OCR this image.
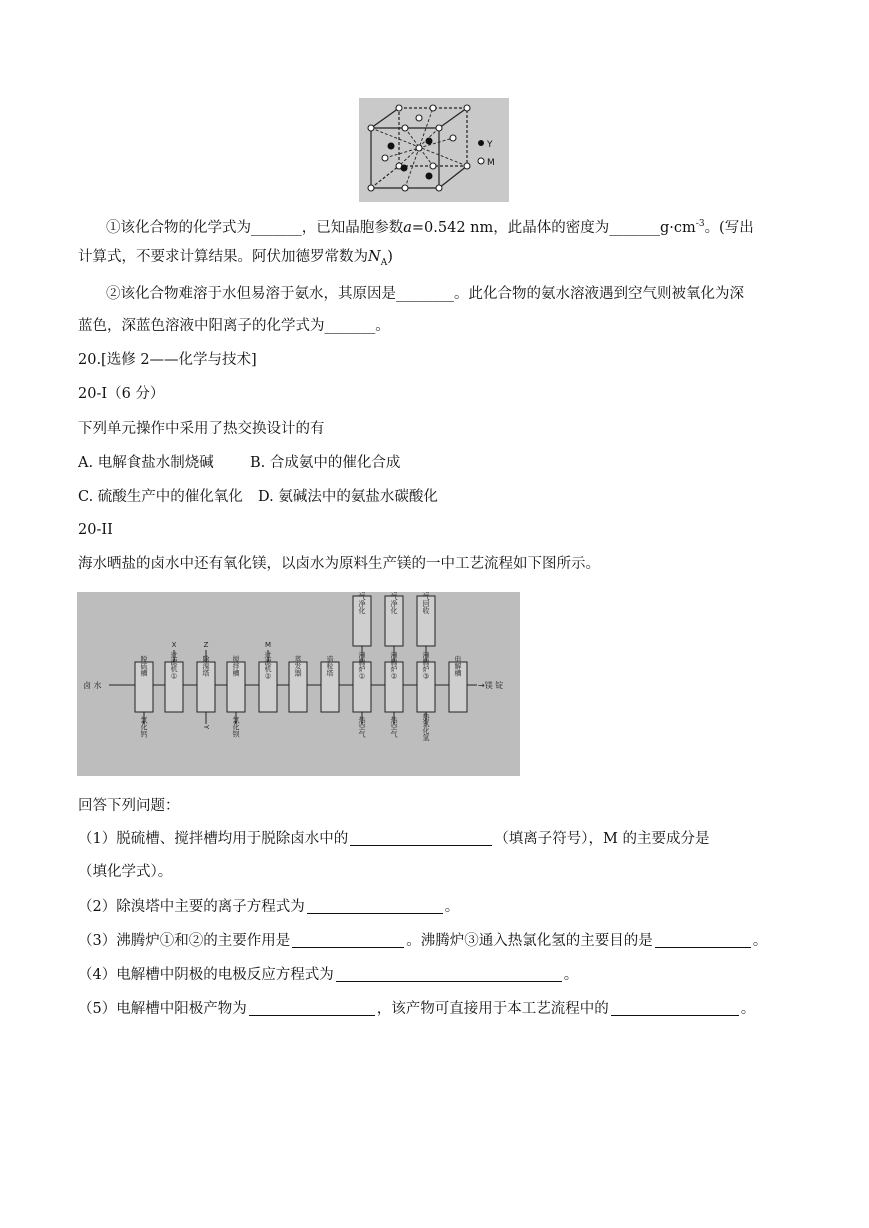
Y
M
①该化合物的化学式为_______，已知晶胞参数a=0.542 nm，此晶体的密度为$\_\_\_\_\_\_\_g\cdot cm^{-3}$。(写出
计算式，不要求计算结果。阿伏加德罗常数为$N_A$)
②该化合物难溶于水但易溶于氨水，其原因是________。此化合物的氨水溶液遇到空气则被氧化为深
蓝色，深蓝色溶液中阳离子的化学式为_______。
20.[选修 2——化学与技术]
20-I（6 分）
下列单元操作中采用了热交换设计的有
A. 电解食盐水制烧碱	B. 合成氨中的催化合成
C. 硫酸生产中的催化氧化 D. 氨碱法中的氨盐水碳酸化
20-II
海水晒盐的卤水中还有氧化镁，以卤水为原料生产镁的一中工艺流程如下图所示。
卤 水	→镁 锭
脱硫槽	过滤机①	除溴塔	搅拌槽	过滤机②	蒸发器	造粒塔	沸腾炉①	沸腾炉②	沸腾炉③	电解槽
X	Z	M
尾气净化	尾气净化	尾气回收
氯化钙	Y	氯化钡	热空气	热空气	热氯化氢
回答下列问题：
（1）脱硫槽、搅拌槽均用于脱除卤水中的	（填离子符号），M 的主要成分是
（填化学式）。
（2）除溴塔中主要的离子方程式为	。
（3）沸腾炉①和②的主要作用是	。沸腾炉③通入热氯化氢的主要目的是	。
（4）电解槽中阴极的电极反应方程式为	。
（5）电解槽中阳极产物为	，该产物可直接用于本工艺流程中的	。
